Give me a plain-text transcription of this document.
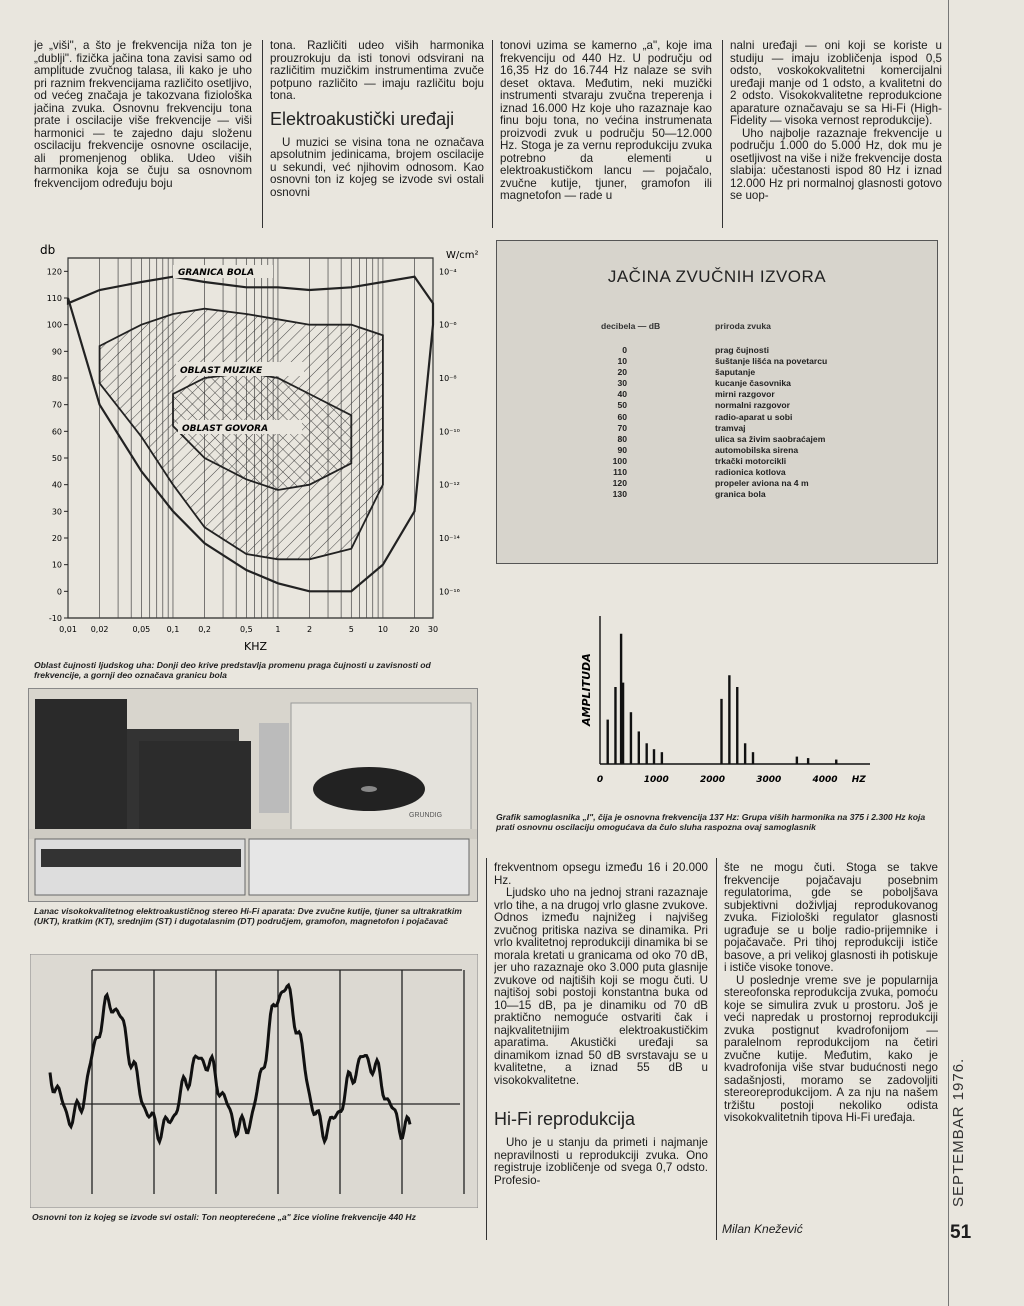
je „viši", a što je frekvencija niža ton je „dublji". fizička jačina tona zavisi samo od amplitude zvučnog talasa, ili kako je uho pri raznim frekvencijama različito osetljivo, od većeg značaja je takozvana fiziološka jačina zvuka. Osnovnu frekvenciju tona prate i oscilacije više frekvencije — viši harmonici — te zajedno daju složenu oscilaciju frekvencije osnovne oscilacije, ali promenjenog oblika. Udeo viših harmonika koja se čuju sa osnovnom frekvencijom određuju boju

tona. Različiti udeo viših harmonika prouzrokuju da isti tonovi odsvirani na različitim muzičkim instrumentima zvuče potpuno različito — imaju različitu boju tona.

Elektroakustički uređaji

U muzici se visina tona ne označava apsolutnim jedinicama, brojem oscilacije u sekundi, već njihovim odnosom. Kao osnovni ton iz kojeg se izvode svi ostali osnovni

tonovi uzima se kamerno „a", koje ima frekvenciju od 440 Hz. U području od 16,35 Hz do 16.744 Hz nalaze se svih deset oktava. Međutim, neki muzički instrumenti stvaraju zvučna treperenja i iznad 16.000 Hz koje uho razaznaje kao finu boju tona, no većina instrumenata proizvodi zvuk u području 50—12.000 Hz. Stoga je za vernu reprodukciju zvuka potrebno da elementi u elektroakustičkom lancu — pojačalo, zvučne kutije, tjuner, gramofon ili magnetofon — rade u

nalni uređaji — oni koji se koriste u studiju — imaju izobličenja ispod 0,5 odsto, voskokokvalitetni komercijalni uređaji manje od 1 odsto, a kvalitetni do 2 odsto. Visokokvalitetne reprodukcione aparature označavaju se sa Hi-Fi (High-Fidelity — visoka vernost reprodukcije).

Uho najbolje razaznaje frekvencije u području 1.000 do 5.000 Hz, dok mu je osetljivost na više i niže frekvencije dosta slabija: učestanosti ispod 80 Hz i iznad 12.000 Hz pri normalnoj glasnosti gotovo se uop-

db	W/cm²
120
110
100
90
80
70
60
50
40
30
20
10
0
-10
10⁻⁴
10⁻⁶
10⁻⁸
10⁻¹⁰
10⁻¹²
10⁻¹⁴
10⁻¹⁶
0,01 0,02	0,05 0,1 0,2	0,5	1	2	5	10	20 30
GRANICA BOLA
OBLAST MUZIKE
OBLAST GOVORA
KHZ
Oblast čujnosti ljudskog uha: Donji deo krive predstavlja promenu praga čujnosti u zavisnosti od frekvencije, a gornji deo označava granicu bola
JAČINA ZVUČNIH IZVORA
decibela — dB	priroda zvuka
0	prag čujnosti
10	šuštanje lišća na povetarcu
20	šaputanje
30	kucanje časovnika
40	mirni razgovor
50	normalni razgovor
60	radio-aparat u sobi
70	tramvaj
80	ulica sa živim saobraćajem
90	automobilska sirena
100	trkački motorcikli
110	radionica kotlova
120	propeler aviona na 4 m
130	granica bola
AMPLITUDA
0	1000	2000	3000	4000 HZ
Grafik samoglasnika „I", čija je osnovna frekvencija 137 Hz: Grupa viših harmonika na 375 i 2.300 Hz koja prati osnovnu oscilaciju omogućava da čulo sluha raspozna ovaj samoglasnik
GRUNDIG
Lanac visokokvalitetnog elektroakustičnog stereo Hi-Fi aparata: Dve zvučne kutije, tjuner sa ultrakratkim (UKT), kratkim (KT), srednjim (ST) i dugotalasnim (DT) područjem, gramofon, magnetofon i pojačavač
Osnovni ton iz kojeg se izvode svi ostali: Ton neopterećene „a" žice violine frekvencije 440 Hz

frekventnom opsegu između 16 i 20.000 Hz.

Ljudsko uho na jednoj strani razaznaje vrlo tihe, a na drugoj vrlo glasne zvukove. Odnos između najnižeg i najvišeg zvučnog pritiska naziva se dinamika. Pri vrlo kvalitetnoj reprodukciji dinamika bi se morala kretati u granicama od oko 70 dB, jer uho razaznaje oko 3.000 puta glasnije zvukove od najtiših koji se mogu čuti. U najtišoj sobi postoji konstantna buka od 10—15 dB, pa je dinamiku od 70 dB praktično nemoguće ostvariti čak i najkvalitetnijim elektroakustičkim aparatima. Akustički uređaji sa dinamikom iznad 50 dB svrstavaju se u kvalitetne, a iznad 55 dB u visokokvalitetne.

Hi-Fi reprodukcija

Uho je u stanju da primeti i najmanje nepravilnosti u reprodukciji zvuka. Ono registruje izobličenje od svega 0,7 odsto. Profesio-

šte ne mogu čuti. Stoga se takve frekvencije pojačavaju posebnim regulatorima, gde se poboljšava subjektivni doživljaj reprodukovanog zvuka. Fiziološki regulator glasnosti ugrađuje se u bolje radio-prijemnike i pojačavače. Pri tihoj reprodukciji ističe basove, a pri velikoj glasnosti ih potiskuje i ističe visoke tonove.

U poslednje vreme sve je popularnija stereofonska reprodukcija zvuka, pomoću koje se simulira zvuk u prostoru. Još je veći napredak u prostornoj reprodukciji zvuka postignut kvadrofonijom — paralelnom reprodukcijom na četiri zvučne kutije. Međutim, kako je kvadrofonija više stvar budućnosti nego sadašnjosti, moramo se zadovoljiti stereoreprodukcijom. A za nju na našem tržištu postoji nekoliko odista visokokvalitetnih tipova Hi-Fi uređaja.

Milan Knežević
SEPTEMBAR 1976.
51
